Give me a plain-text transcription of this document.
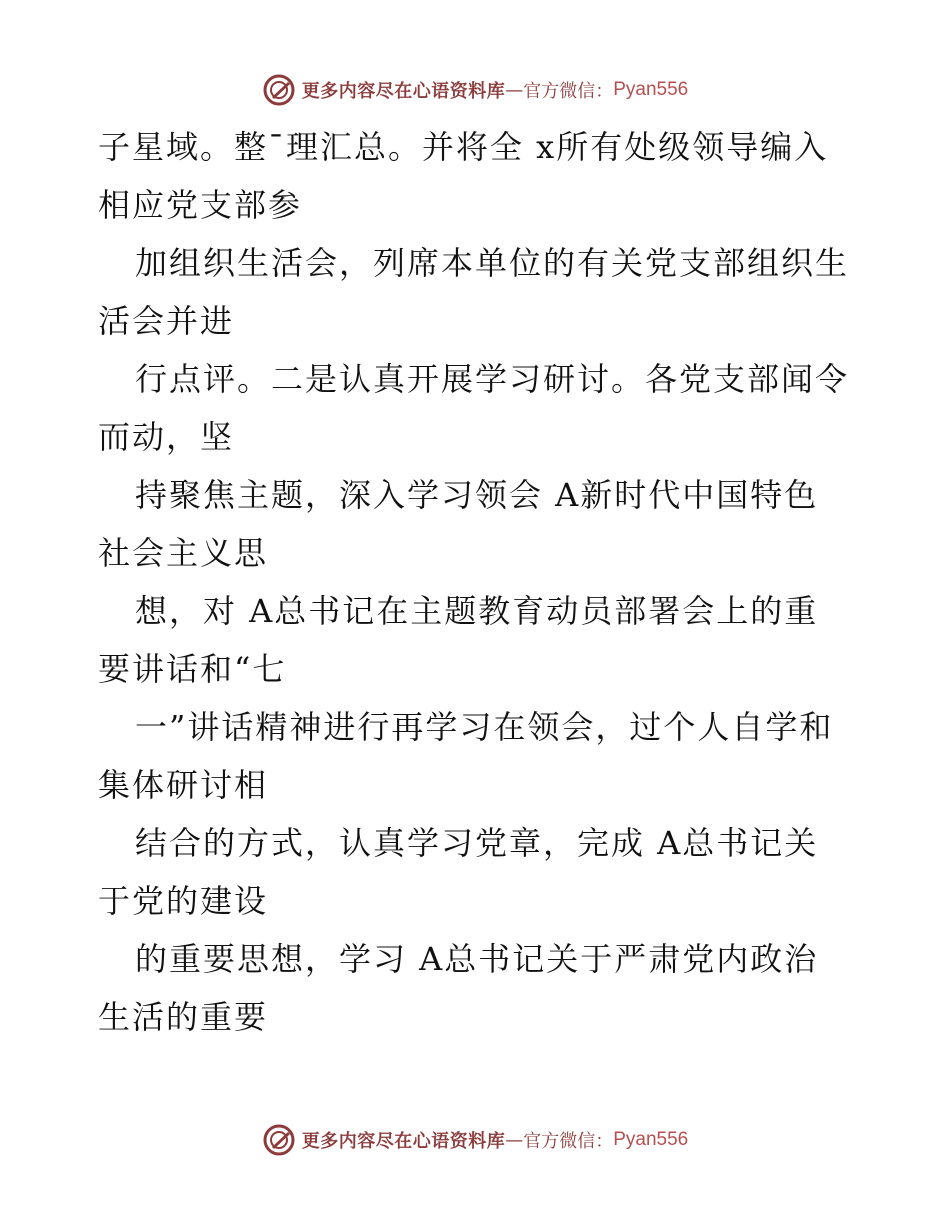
更多内容尽在心语资料库 — 官方微信： Pyan556
子星域。整¯理汇总。并将全 x所有处级领导编入
相应党支部参
加组织生活会，列席本单位的有关党支部组织生
活会并进
行点评。二是认真开展学习研讨。各党支部闻令
而动，坚
持聚焦主题，深入学习领会 A新时代中国特色
社会主义思
想，对 A总书记在主题教育动员部署会上的重
要讲话和“七
一”讲话精神进行再学习在领会，过个人自学和
集体研讨相
结合的方式，认真学习党章，完成 A总书记关
于党的建设
的重要思想，学习 A总书记关于严肃党内政治
生活的重要
更多内容尽在心语资料库 — 官方微信： Pyan556
